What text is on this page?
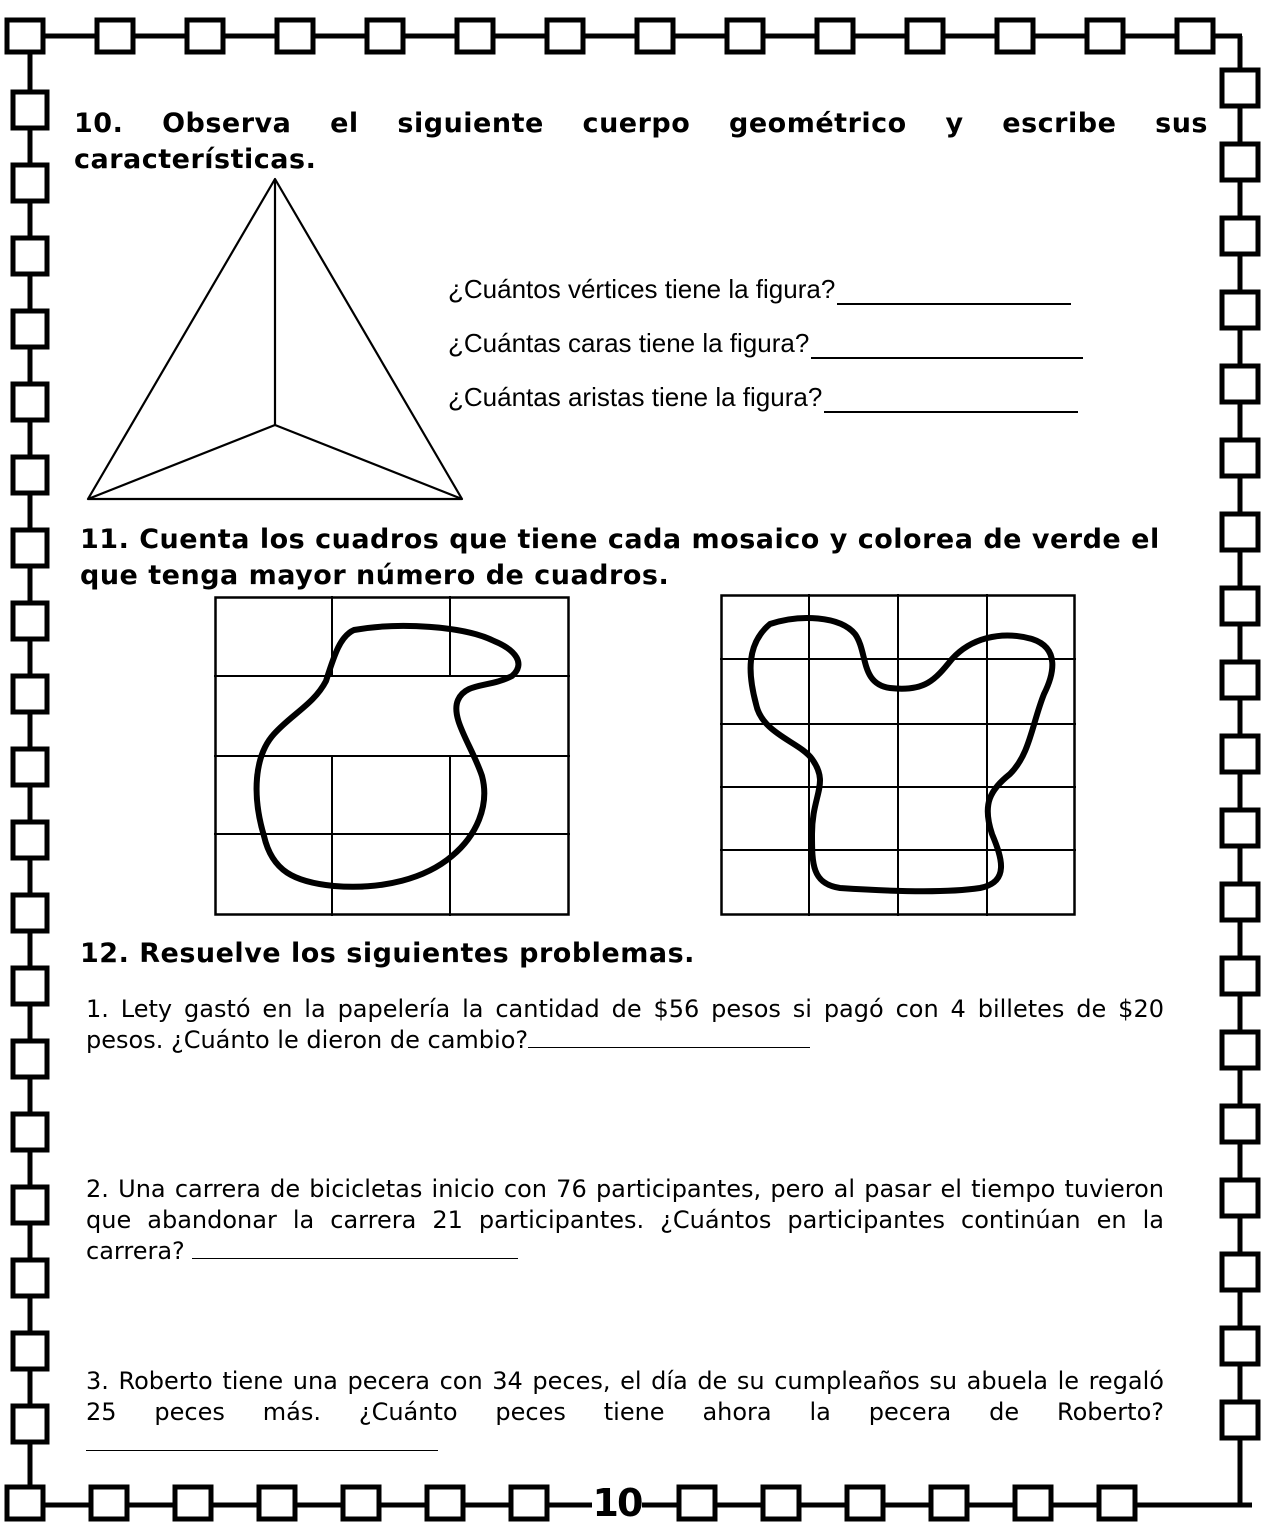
10. Observa el siguiente cuerpo geométrico y escribe sus características.
¿Cuántos vértices tiene la figura?
¿Cuántas caras tiene la figura?
¿Cuántas aristas tiene la figura?
11. Cuenta los cuadros que tiene cada mosaico y colorea de verde el que tenga mayor número de cuadros.
12. Resuelve los siguientes problemas.
1. Lety gastó en la papelería la cantidad de $56 pesos si pagó con 4 billetes de $20 pesos. ¿Cuánto le dieron de cambio?
2. Una carrera de bicicletas inicio con 76 participantes, pero al pasar el tiempo tuvieron que abandonar la carrera 21 participantes. ¿Cuántos participantes continúan en la carrera?
3. Roberto tiene una pecera con 34 peces, el día de su cumpleaños su abuela le regaló 25 peces más. ¿Cuánto peces tiene ahora la pecera de Roberto?
10
